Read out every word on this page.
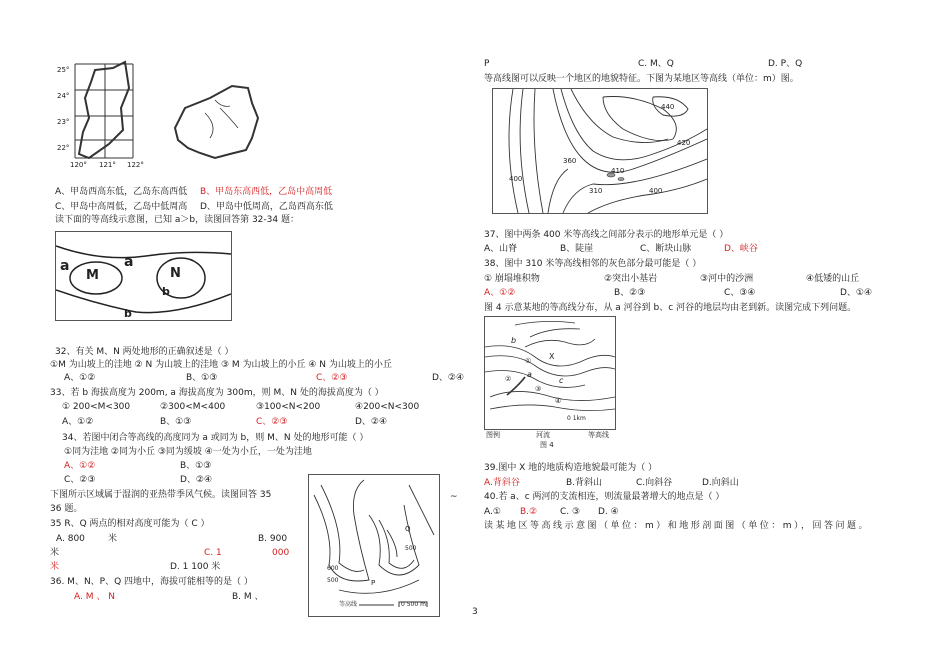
25°
24°
23°
22°
120° 121° 122°
A、甲岛西高东低，乙岛东高西低 B、甲岛东高西低，乙岛中高周低
C、甲岛中高周低，乙岛中低周高 D、甲岛中低周高，乙岛西高东低
读下面的等高线示意图，已知 a＞b，读图回答第 32-34 题：
a
M
a
N
b
b
32、有关 M、N 两处地形的正确叙述是（ ）
①M 为山坡上的洼地 ② N 为山坡上的洼地 ③ M 为山坡上的小丘 ④ N 为山坡上的小丘
A、①②	B、①③	C、②③	D、②④
33、若 b 海拔高度为 200m, a 海拔高度为 300m，则 M、N 处的海拔高度为（ ）
① 200<M<300	②300<M<400	③100<N<200	④200<N<300
A、①②	B、①③	C、②③	D、②④
34、若图中闭合等高线的高度同为 a 或同为 b，则 M、N 处的地形可能（ ）
①同为洼地 ②同为小丘 ③同为缓坡 ④一处为小丘，一处为洼地
A、①②	B、①③
C、②③	D、②④
下图所示区域属于湿润的亚热带季风气候。读图回答 35
36 题。
35 R、Q 两点的相对高度可能为（ C ）
A. 800	米	B. 900
米	C. 1	000
米	D. 1 100 米
36. M、N、P、Q 四地中，海拔可能相等的是（ ）
A. M 、 N	B. M 、
600
500
500
P
Q
等高线	0 500 m
~
P	C. M、Q	D. P、Q
等高线图可以反映一个地区的地貌特征。下图为某地区等高线（单位：m）图。
440
420
410
400
360
310
400
37、图中两条 400 米等高线之间部分表示的地形单元是（ ）
A、山脊	B、陡崖	C、断块山脉	D、峡谷
38、图中 310 米等高线相邻的灰色部分最可能是（ ）
① 崩塌堆积物	②突出小基岩	③河中的沙洲	④低矮的山丘
A、①②	B、②③	C、③④	D、①④
图 4 示意某地的等高线分布，从 a 河谷到 b、c 河谷的地层均由老到新。读图完成下列问题。
b
X
a
c
①
②
③
④
0 1km
图例	河流	等高线
图 4
39.图中 X 地的地质构造地貌最可能为（ ）
A.背斜谷	B.背斜山	C.向斜谷	D.向斜山
40.若 a、c 两河的支流相连，则流量最著增大的地点是（ ）
A.① B.②	C. ③ D. ④
读某地区等高线示意图（单位：m）和地形剖面图（单位：m），回答问题。
3
